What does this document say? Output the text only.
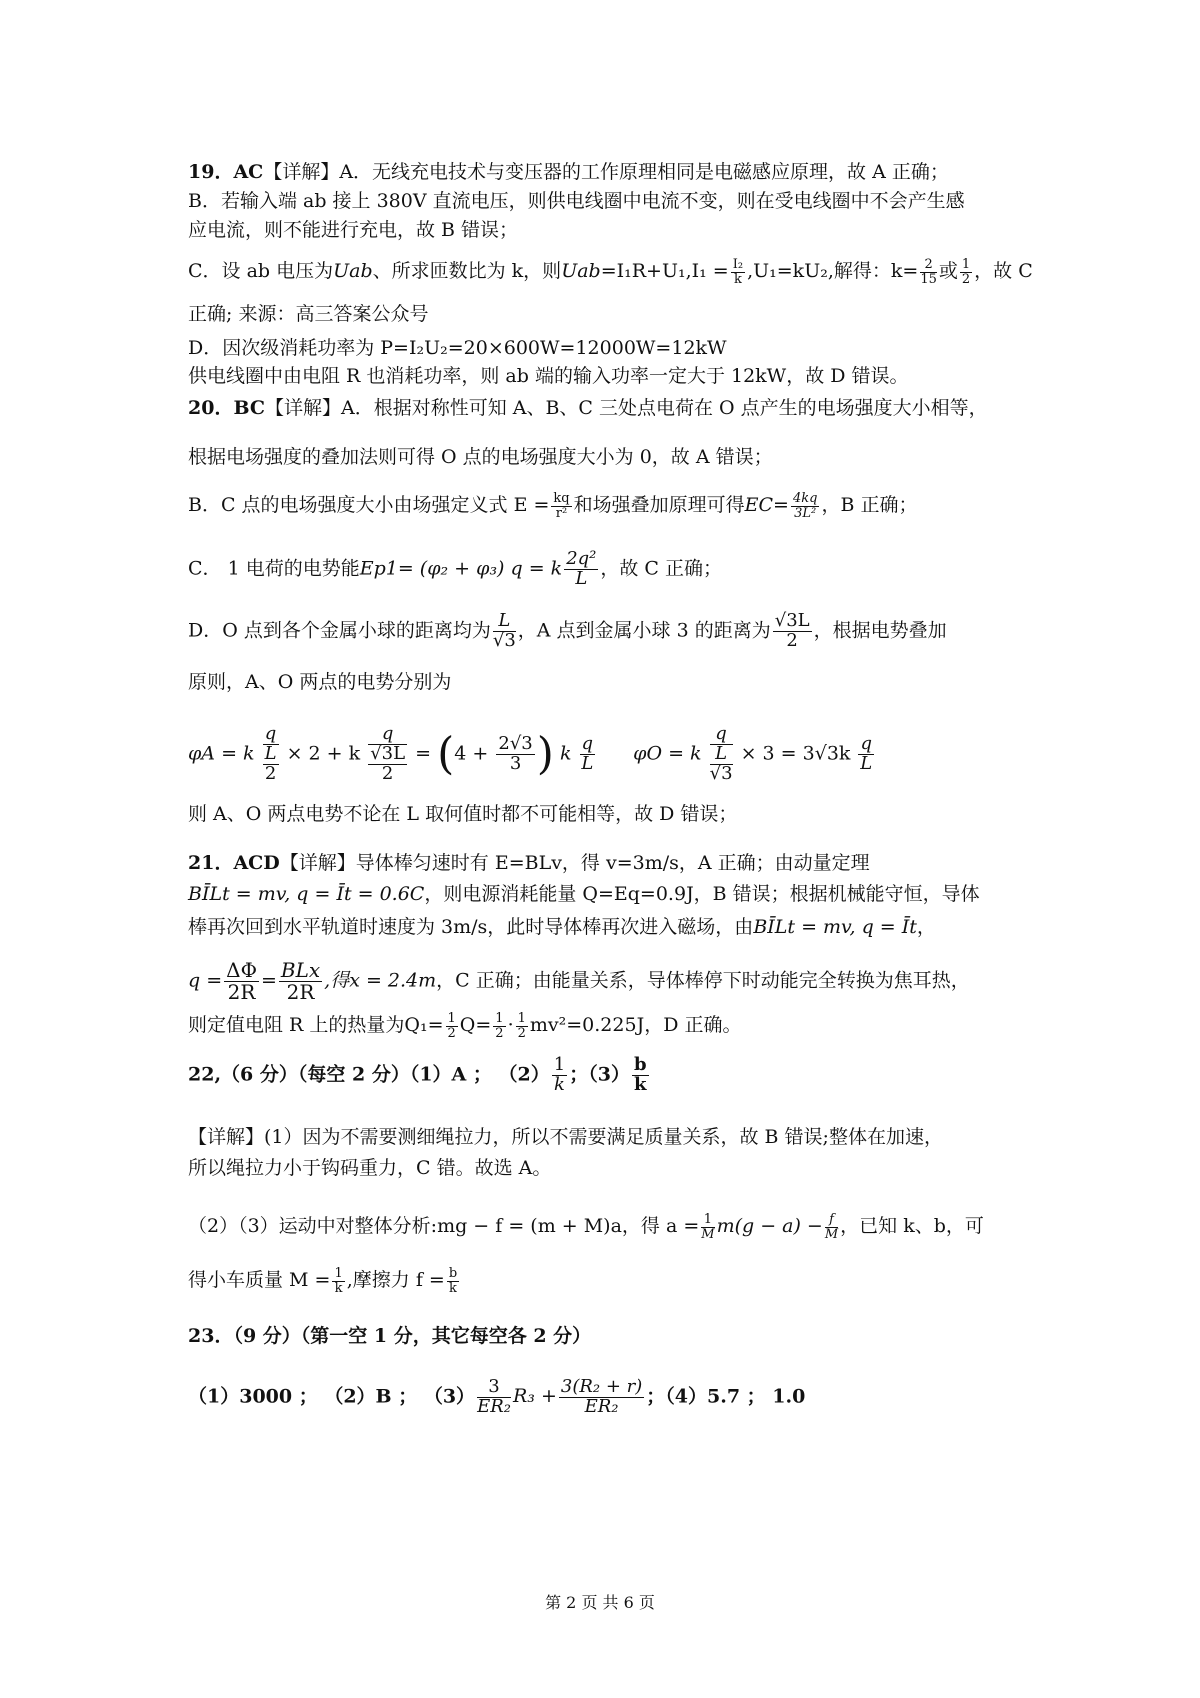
19．AC【详解】A．无线充电技术与变压器的工作原理相同是电磁感应原理，故 A 正确；
B．若输入端 ab 接上 380V 直流电压，则供电线圈中电流不变，则在受电线圈中不会产生感
应电流，则不能进行充电，故 B 错误；
C．设 ab 电压为Uab、所求匝数比为 k，则$Uab=I_1R+U_1,I_1 = \frac{\text{I₂}}{k} ,U_1=kU_2$,解得：$k= \frac{2}{15}$ 或 $\frac{1}{2}$ ，故 C
正确; 来源：高三答案公众号
D．因次级消耗功率为 P=I₂U₂=20×600W=12000W=12kW
供电线圈中由电阻 R 也消耗功率，则 ab 端的输入功率一定大于 12kW，故 D 错误。
20．BC【详解】A．根据对称性可知 A、B、C 三处点电荷在 O 点产生的电场强度大小相等，
根据电场强度的叠加法则可得 O 点的电场强度大小为 0，故 A 错误；
B．C 点的电场强度大小由场强定义式 $E = \frac{kq}{\text{r²}}$ 和场强叠加原理可得$EC= \frac{4kq}{\text{3L²}}$ ，B 正确；
C． 1 电荷的电势能Ep1= (φ₂ + φ₃) q = k $\frac{\text{2q²}}{L}$ ，故 C 正确；
D．O 点到各个金属小球的距离均为 $\frac{L}{√3}$ ，A 点到金属小球 3 的距离为 $\frac{√3L}{2}$ ，根据电势叠加
原则，A、O 两点的电势分别为
φA = k
q
L
2
× 2 + k
q
√3L
2
= ($4 + \frac{2√3}{3}$ ) k $\frac{q}{L}$ φO = k
q
L
√3
× $3 = 3√3k \frac{q}{L}$
则 A、O 两点电势不论在 L 取何值时都不可能相等，故 D 错误；
21．ACD【详解】导体棒匀速时有 E=BLv，得 v=3m/s，A 正确；由动量定理
BĪLt = mv, q = Īt = 0.6C，则电源消耗能量 Q=Eq=0.9J，B 错误；根据机械能守恒，导体
棒再次回到水平轨道时速度为 3m/s，此时导体棒再次进入磁场，由BĪLt = mv, q = Īt，
$q = \frac{\Delta\Phi}{2R}$ = BLx
2R ,得x = 2.4m，C 正确；由能量关系，导体棒停下时动能完全转换为焦耳热，
则定值电阻 R 上的热量为$Q_1= \frac{1}{2} Q= \frac{1}{2} \cdot \frac{1}{2} mv^2=0.225J$，D 正确。
22,（6 分）（每空 2 分）（1）A ； $(2) \frac{1}{k}$ ；$(3) \frac{b}{k}$
【详解】(1）因为不需要测细绳拉力，所以不需要满足质量关系，故 B 错误;整体在加速，
所以绳拉力小于钩码重力，C 错。故选 A。
（2）（3）运动中对整体分析:mg − f = (m + M)a，得 $a = \frac{1}{M} m(g - a) - \frac{f}{M}$ ，已知 k、b，可
得小车质量 $M = \frac{1}{k}$ ,摩擦力 $f = \frac{b}{k}$
23．（9 分）（第一空 1 分，其它每空各 2 分）
（1）3000 ； （2）B ； $(3) \frac{3}{\text{ER₂}} R_3 + \frac{\text{3(R₂ + r)}}{\text{ER₂}}$ ；（4）5.7 ； 1.0
第 2 页 共 6 页
